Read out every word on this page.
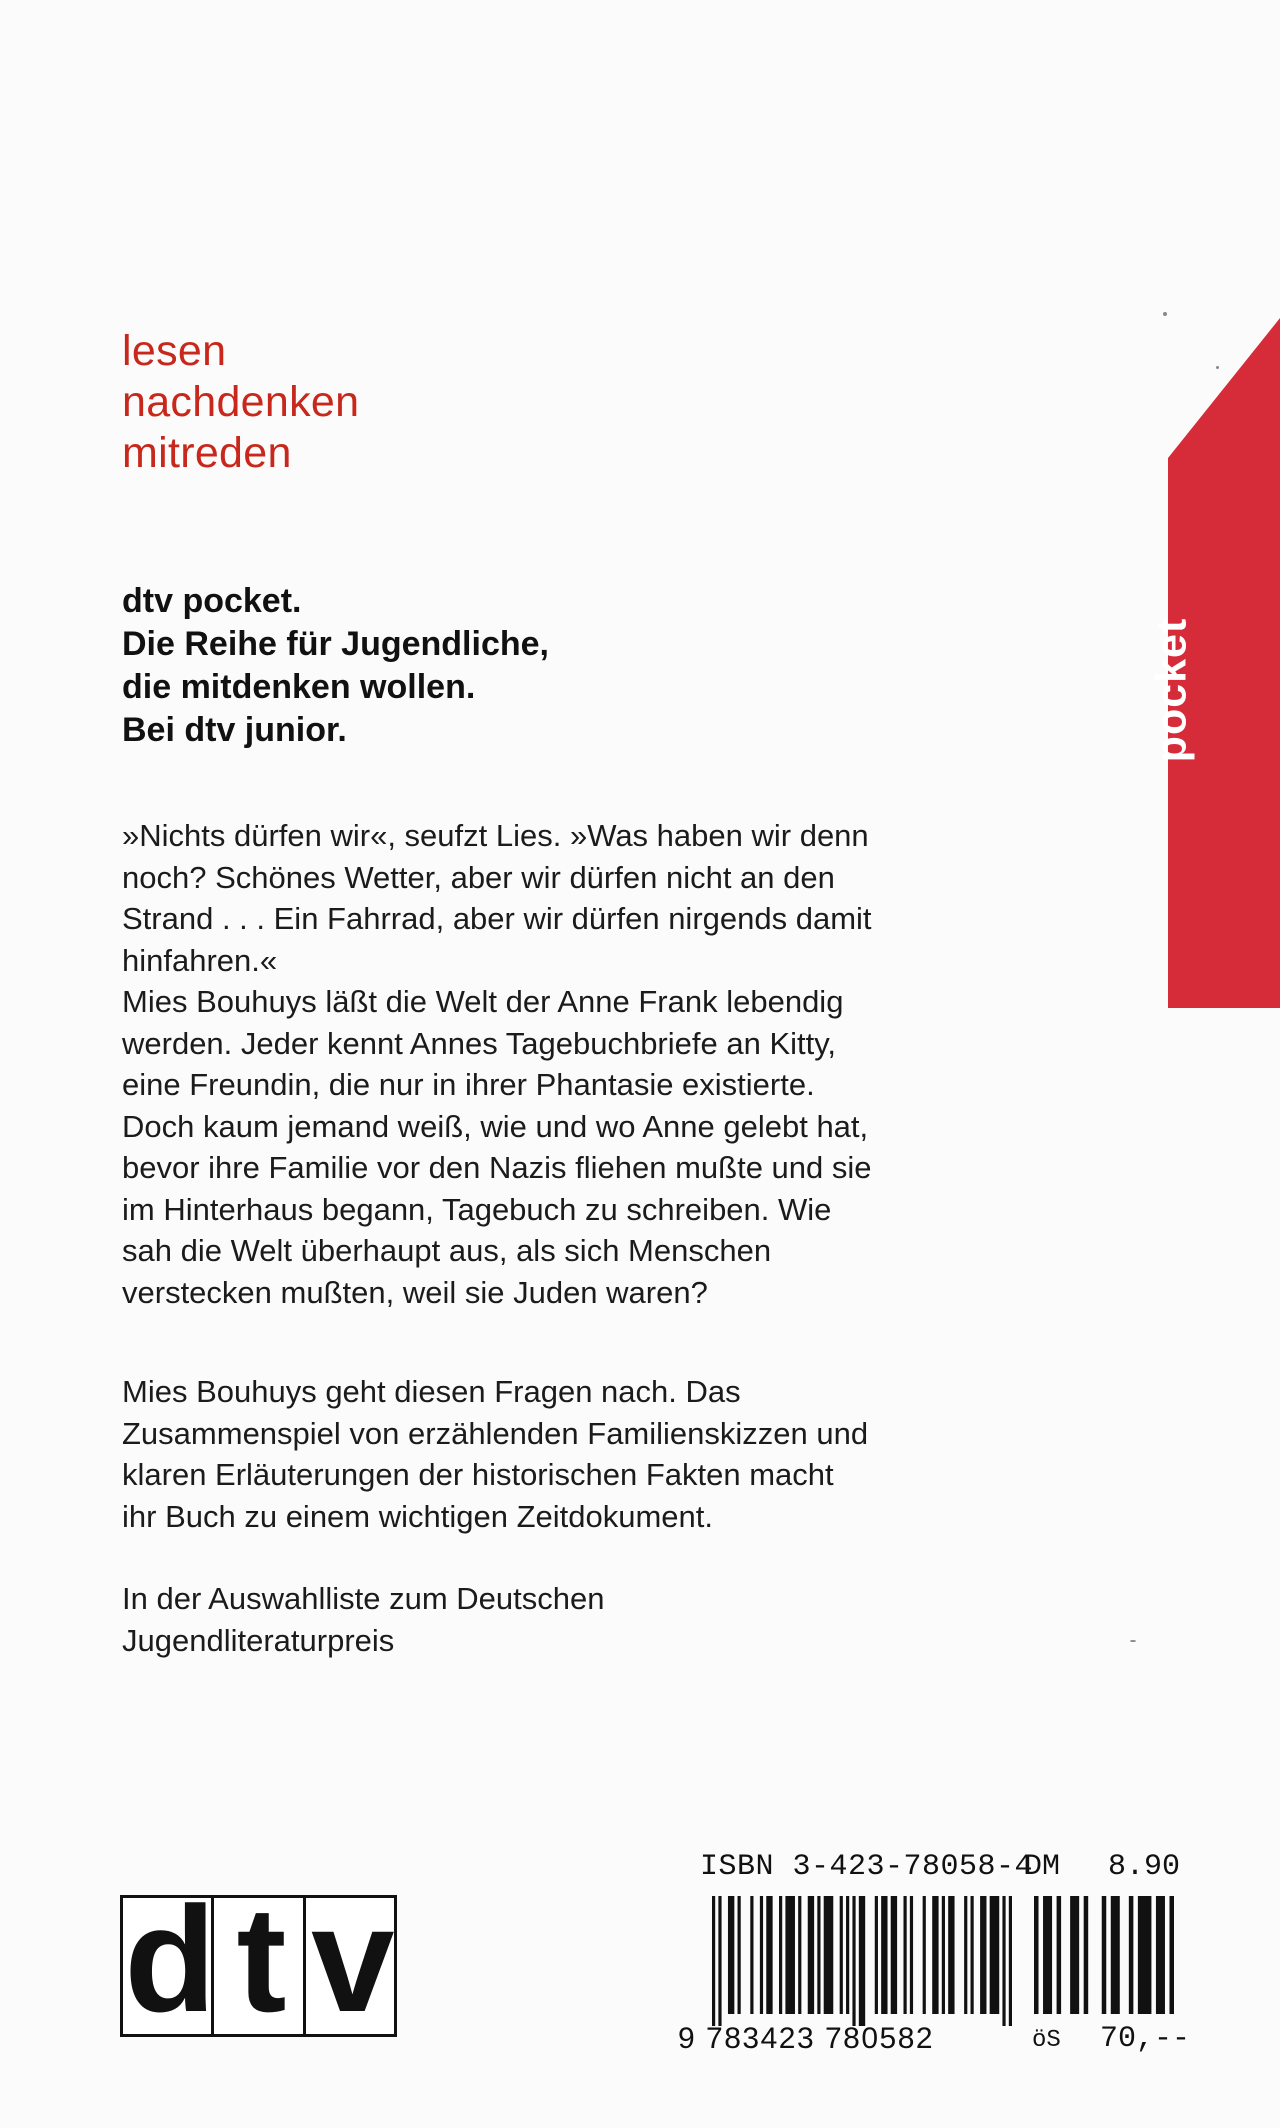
lesen
nachdenken
mitreden
dtv pocket.
Die Reihe für Jugendliche,
die mitdenken wollen.
Bei dtv junior.
»Nichts dürfen wir«, seufzt Lies. »Was haben wir denn
noch? Schönes Wetter, aber wir dürfen nicht an den
Strand . . . Ein Fahrrad, aber wir dürfen nirgends damit
hinfahren.«
Mies Bouhuys läßt die Welt der Anne Frank lebendig
werden. Jeder kennt Annes Tagebuchbriefe an Kitty,
eine Freundin, die nur in ihrer Phantasie existierte.
Doch kaum jemand weiß, wie und wo Anne gelebt hat,
bevor ihre Familie vor den Nazis fliehen mußte und sie
im Hinterhaus begann, Tagebuch zu schreiben. Wie
sah die Welt überhaupt aus, als sich Menschen
verstecken mußten, weil sie Juden waren?
Mies Bouhuys geht diesen Fragen nach. Das
Zusammenspiel von erzählenden Familienskizzen und
klaren Erläuterungen der historischen Fakten macht
ihr Buch zu einem wichtigen Zeitdokument.
In der Auswahlliste zum Deutschen
Jugendliteraturpreis
pocket
d t v
ISBN 3-423-78058-4
DM 8.90
9 783423 780582	öS 70,--
